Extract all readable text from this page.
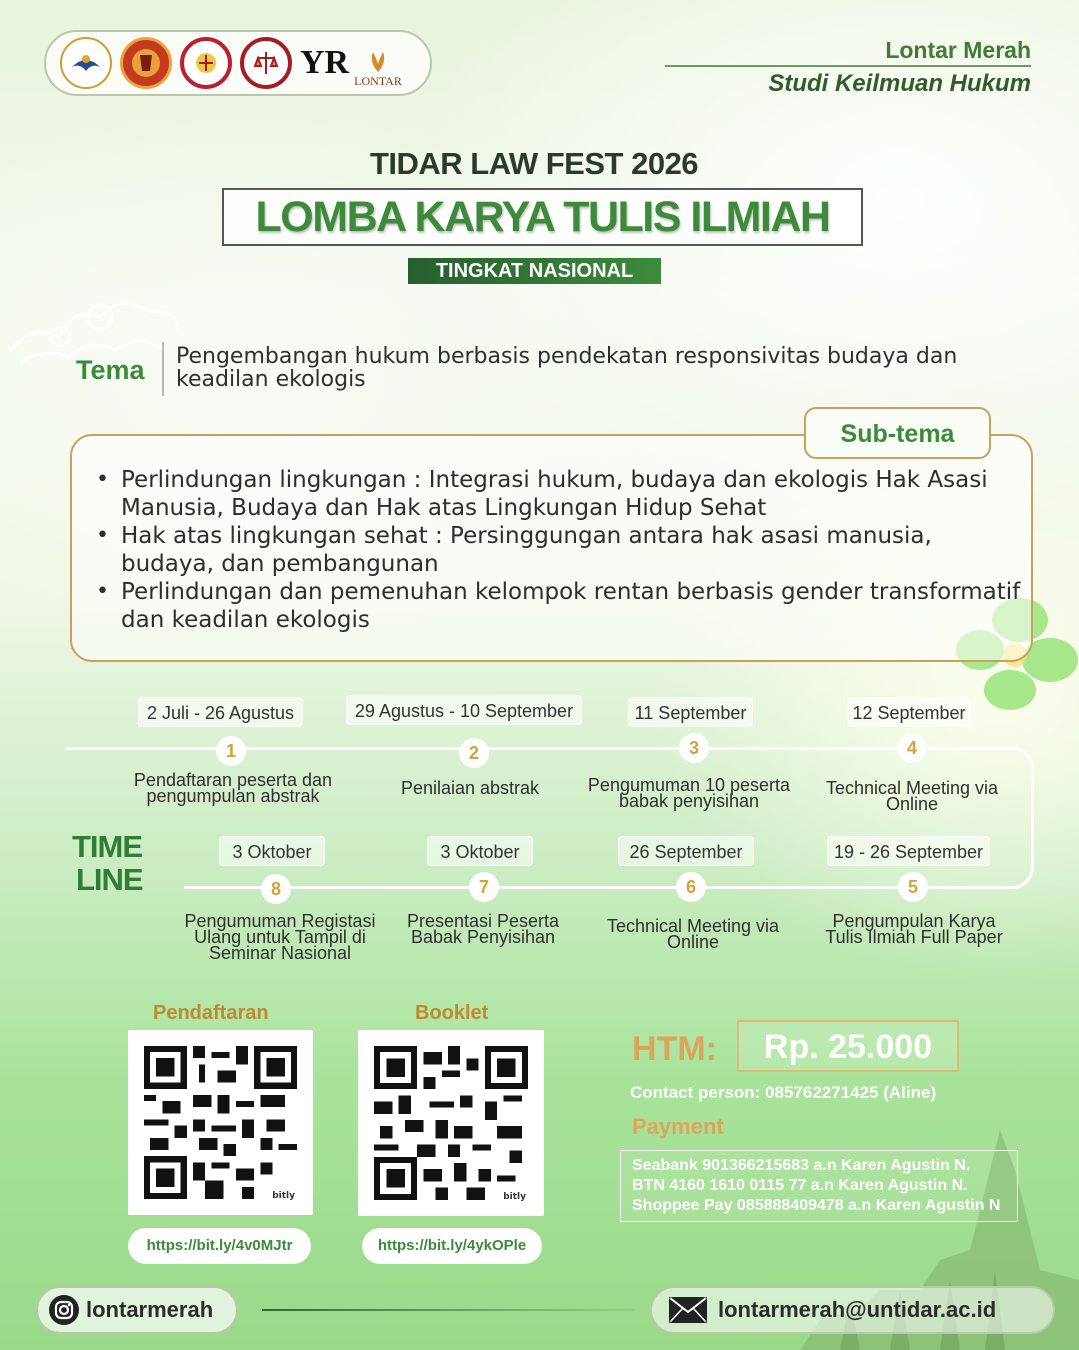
YR LONTAR
Lontar Merah
Studi Keilmuan Hukum
TIDAR LAW FEST 2026
LOMBA KARYA TULIS ILMIAH
TINGKAT NASIONAL
Tema Pengembangan hukum berbasis pendekatan responsivitas budaya dan keadilan ekologis
Sub-tema
• Perlindungan lingkungan : Integrasi hukum, budaya dan ekologis Hak Asasi Manusia, Budaya dan Hak atas Lingkungan Hidup Sehat
• Hak atas lingkungan sehat : Persinggungan antara hak asasi manusia, budaya, dan pembangunan
• Perlindungan dan pemenuhan kelompok rentan berbasis gender transformatif dan keadilan ekologis
TIME
LINE
2 Juli - 26 Agustus
1
Pendaftaran peserta dan
pengumpulan abstrak
29 Agustus - 10 September
2
Penilaian abstrak
11 September
3
Pengumuman 10 peserta
babak penyisihan
12 September
4
Technical Meeting via
Online
3 Oktober
8
Pengumuman Registasi
Ulang untuk Tampil di
Seminar Nasional
3 Oktober
7
Presentasi Peserta
Babak Penyisihan
26 September
6
Technical Meeting via
Online
19 - 26 September
5
Pengumpulan Karya
Tulis Ilmiah Full Paper
Pendaftaran
bitly
https://bit.ly/4v0MJtr
Booklet
bitly
https://bit.ly/4ykOPle
HTM:	Rp. 25.000
Contact person: 085762271425 (Aline)
Payment
Seabank 901366215683 a.n Karen Agustin N.
BTN 4160 1610 0115 77 a.n Karen Agustin N.
Shoppee Pay 085888409478 a.n Karen Agustin N
lontarmerah	lontarmerah@untidar.ac.id
